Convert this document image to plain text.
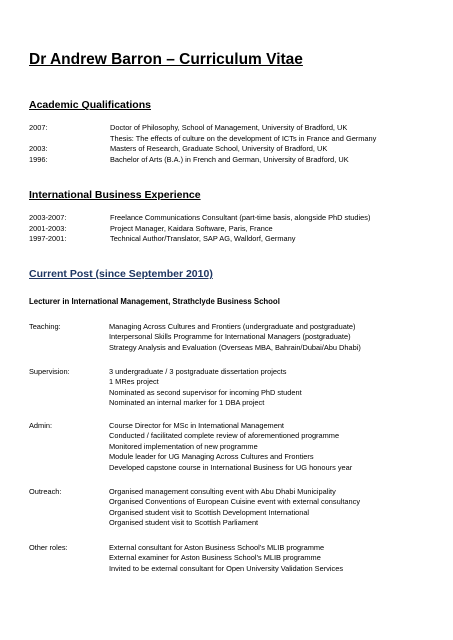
Dr Andrew Barron – Curriculum Vitae
Academic Qualifications
2007:	Doctor of Philosophy, School of Management, University of Bradford, UK
Thesis: The effects of culture on the development of ICTs in France and Germany
2003:	Masters of Research, Graduate School, University of Bradford, UK
1996:	Bachelor of Arts (B.A.) in French and German, University of Bradford, UK
International Business Experience
2003-2007:	Freelance Communications Consultant (part-time basis, alongside PhD studies)
2001-2003:	Project Manager, Kaidara Software, Paris, France
1997-2001:	Technical Author/Translator, SAP AG, Walldorf, Germany
Current Post (since September 2010)
Lecturer in International Management, Strathclyde Business School
Teaching:	Managing Across Cultures and Frontiers (undergraduate and postgraduate)
Interpersonal Skills Programme for International Managers (postgraduate)
Strategy Analysis and Evaluation (Overseas MBA, Bahrain/Dubai/Abu Dhabi)
Supervision:	3 undergraduate / 3 postgraduate dissertation projects
1 MRes project
Nominated as second supervisor for incoming PhD student
Nominated an internal marker for 1 DBA project
Admin:	Course Director for MSc in International Management
Conducted / facilitated complete review of aforementioned programme
Monitored implementation of new programme
Module leader for UG Managing Across Cultures and Frontiers
Developed capstone course in International Business for UG honours year
Outreach:	Organised management consulting event with Abu Dhabi Municipality
Organised Conventions of European Cuisine event with external consultancy
Organised student visit to Scottish Development International
Organised student visit to Scottish Parliament
Other roles:	External consultant for Aston Business School’s MLIB programme
External examiner for Aston Business School’s MLIB programme
Invited to be external consultant for Open University Validation Services
